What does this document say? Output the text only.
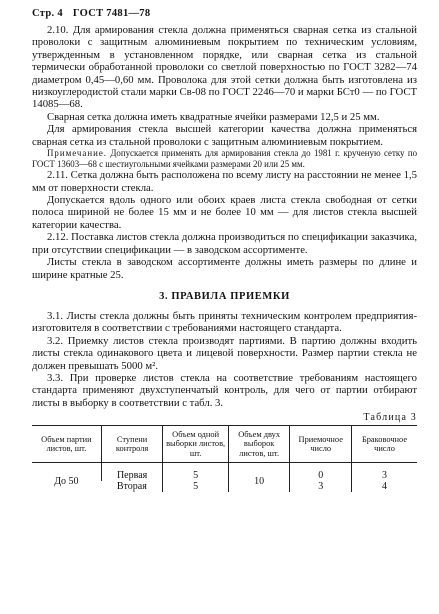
Стр. 4 ГОСТ 7481—78

2.10. Для армирования стекла должна применяться сварная сетка из стальной проволоки с защитным алюминиевым покрытием по техническим условиям, утвержденным в установленном порядке, или сварная сетка из стальной термически обработанной проволоки со светлой поверхностью по ГОСТ 3282—74 диаметром 0,45—0,60 мм. Проволока для этой сетки должна быть изготовлена из низкоуглеродистой стали марки Св-08 по ГОСТ 2246—70 и марки БСт0 — по ГОСТ 14085—68.

Сварная сетка должна иметь квадратные ячейки размерами 12,5 и 25 мм.

Для армирования стекла высшей категории качества должна применяться сварная сетка из стальной проволоки с защитным алюминиевым покрытием.

Примечание. Допускается применять для армирования стекла до 1981 г. крученую сетку по ГОСТ 13603—68 с шестиугольными ячейками размерами 20 или 25 мм.

2.11. Сетка должна быть расположена по всему листу на расстоянии не менее 1,5 мм от поверхности стекла.

Допускается вдоль одного или обоих краев листа стекла свободная от сетки полоса шириной не более 15 мм и не более 10 мм — для листов стекла высшей категории качества.

2.12. Поставка листов стекла должна производиться по спецификации заказчика, при отсутствии спецификации — в заводском ассортименте.

Листы стекла в заводском ассортименте должны иметь размеры по длине и ширине кратные 25.

3. ПРАВИЛА ПРИЕМКИ

3.1. Листы стекла должны быть приняты техническим контролем предприятия-изготовителя в соответствии с требованиями настоящего стандарта.

3.2. Приемку листов стекла производят партиями. В партию должны входить листы стекла одинакового цвета и лицевой поверхности. Размер партии стекла не должен превышать 5000 м².

3.3. При проверке листов стекла на соответствие требованиям настоящего стандарта применяют двухступенчатый контроль, для чего от партии отбирают листы в выборку в соответствии с табл. 3.

Таблица 3
Объем партии листов, шт.	Ступени контроля	Объем одной выборки листов, шт.	Объем двух выборок листов, шт.	Приемочное число	Браковочное число

До 50	Первая	5	10	0	3
	Вторая	5		3	4
